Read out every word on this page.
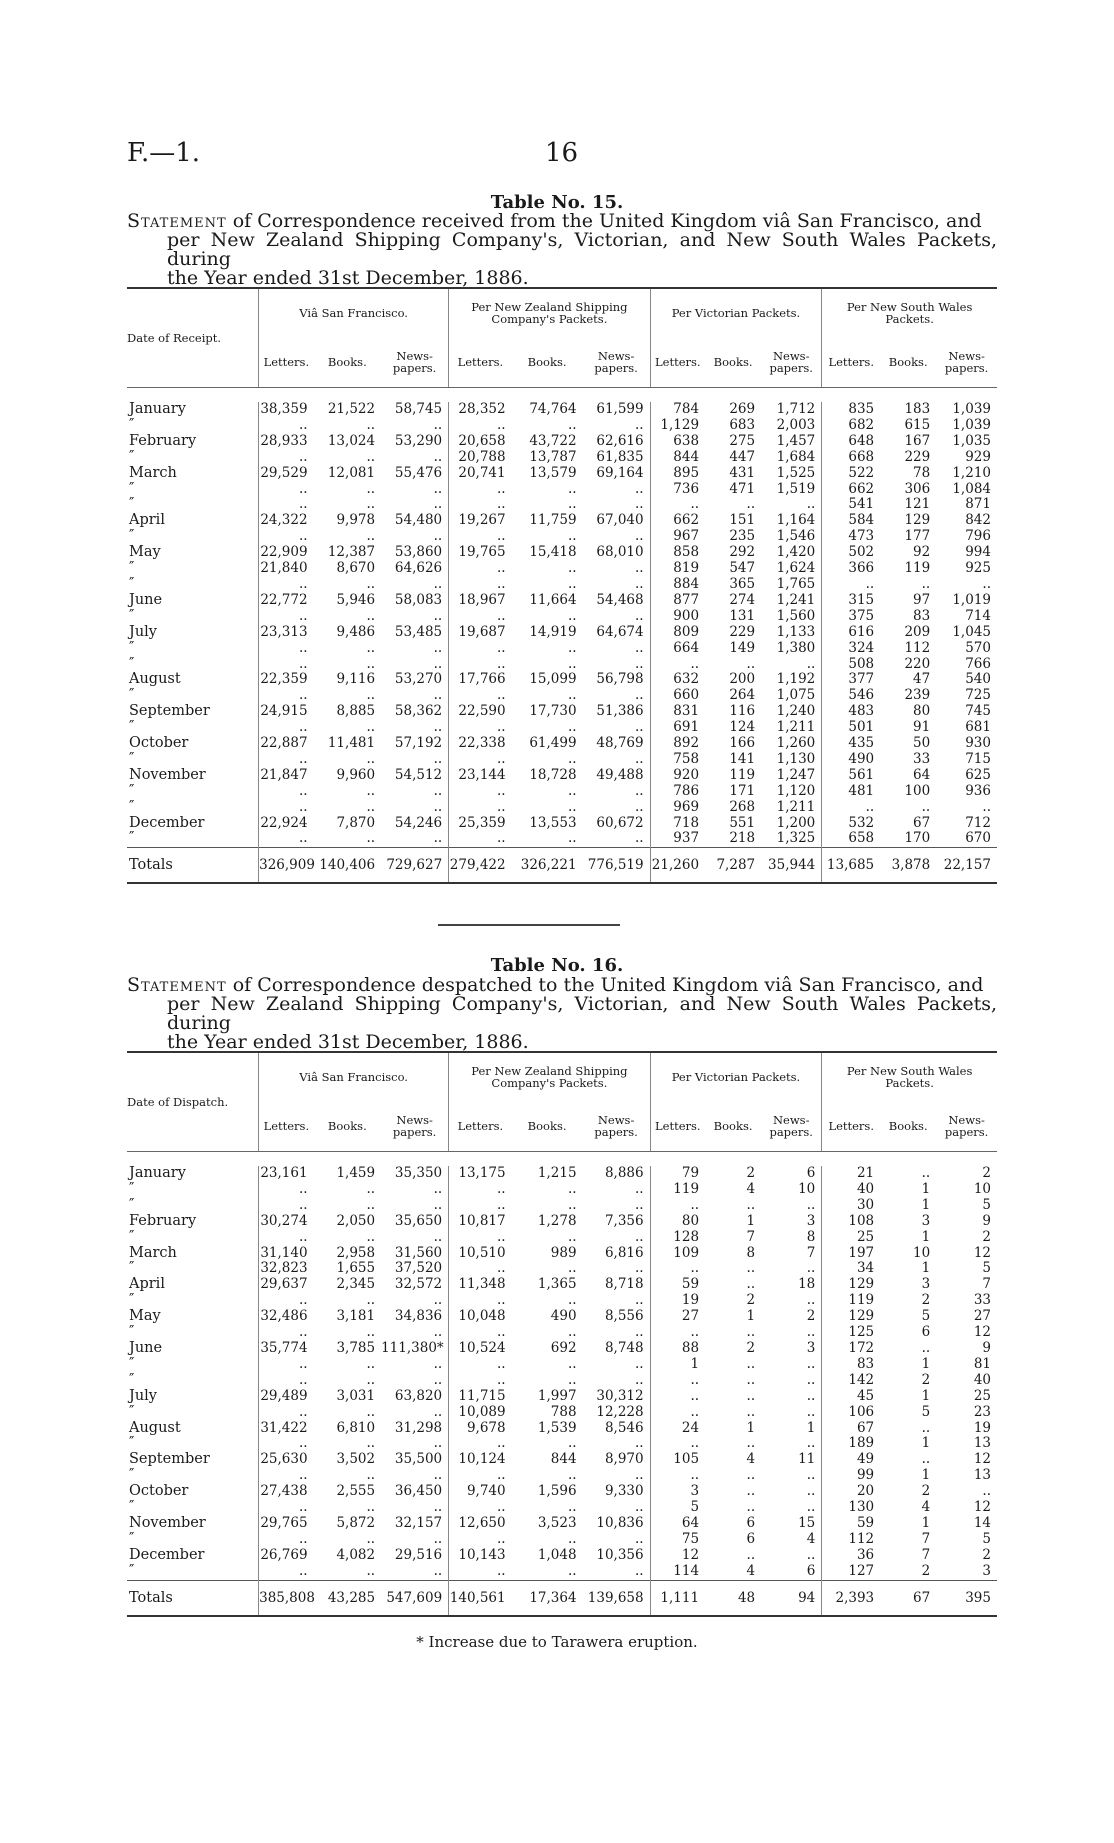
F.—1.	16
Table No. 15.
Statement of Correspondence received from the United Kingdom viâ San Francisco, and
per New Zealand Shipping Company's, Victorian, and New South Wales Packets, during
the Year ended 31st December, 1886.
Date of Receipt.	Viâ San Francisco.			Per New Zealand Shipping Company's Packets.			Per Victorian Packets.			Per New South Wales Packets.		
	Letters.	Books.	News-papers.	Letters.	Books.	News-papers.	Letters.	Books.	News-papers.	Letters.	Books.	News-papers.

January	38,359	21,522	58,745	28,352	74,764	61,599	784	269	1,712	835	183	1,039
″	..	..	..	..	..	..	1,129	683	2,003	682	615	1,039
February	28,933	13,024	53,290	20,658	43,722	62,616	638	275	1,457	648	167	1,035
″	..	..	..	20,788	13,787	61,835	844	447	1,684	668	229	929
March	29,529	12,081	55,476	20,741	13,579	69,164	895	431	1,525	522	78	1,210
″	..	..	..	..	..	..	736	471	1,519	662	306	1,084
″	..	..	..	..	..	..	..	..	..	541	121	871
April	24,322	9,978	54,480	19,267	11,759	67,040	662	151	1,164	584	129	842
″	..	..	..	..	..	..	967	235	1,546	473	177	796
May	22,909	12,387	53,860	19,765	15,418	68,010	858	292	1,420	502	92	994
″	21,840	8,670	64,626	..	..	..	819	547	1,624	366	119	925
″	..	..	..	..	..	..	884	365	1,765	..	..	..
June	22,772	5,946	58,083	18,967	11,664	54,468	877	274	1,241	315	97	1,019
″	..	..	..	..	..	..	900	131	1,560	375	83	714
July	23,313	9,486	53,485	19,687	14,919	64,674	809	229	1,133	616	209	1,045
″	..	..	..	..	..	..	664	149	1,380	324	112	570
″	..	..	..	..	..	..	..	..	..	508	220	766
August	22,359	9,116	53,270	17,766	15,099	56,798	632	200	1,192	377	47	540
″	..	..	..	..	..	..	660	264	1,075	546	239	725
September	24,915	8,885	58,362	22,590	17,730	51,386	831	116	1,240	483	80	745
″	..	..	..	..	..	..	691	124	1,211	501	91	681
October	22,887	11,481	57,192	22,338	61,499	48,769	892	166	1,260	435	50	930
″	..	..	..	..	..	..	758	141	1,130	490	33	715
November	21,847	9,960	54,512	23,144	18,728	49,488	920	119	1,247	561	64	625
″	..	..	..	..	..	..	786	171	1,120	481	100	936
″	..	..	..	..	..	..	969	268	1,211	..	..	..
December	22,924	7,870	54,246	25,359	13,553	60,672	718	551	1,200	532	67	712
″	..	..	..	..	..	..	937	218	1,325	658	170	670
Totals	326,909	140,406	729,627	279,422	326,221	776,519	21,260	7,287	35,944	13,685	3,878	22,157
Table No. 16.
Statement of Correspondence despatched to the United Kingdom viâ San Francisco, and
per New Zealand Shipping Company's, Victorian, and New South Wales Packets, during
the Year ended 31st December, 1886.
Date of Dispatch.	Viâ San Francisco.			Per New Zealand Shipping Company's Packets.			Per Victorian Packets.			Per New South Wales Packets.		
	Letters.	Books.	News-papers.	Letters.	Books.	News-papers.	Letters.	Books.	News-papers.	Letters.	Books.	News-papers.

January	23,161	1,459	35,350	13,175	1,215	8,886	79	2	6	21	..	2
″	..	..	..	..	..	..	119	4	10	40	1	10
″	..	..	..	..	..	..	..	..	..	30	1	5
February	30,274	2,050	35,650	10,817	1,278	7,356	80	1	3	108	3	9
″	..	..	..	..	..	..	128	7	8	25	1	2
March	31,140	2,958	31,560	10,510	989	6,816	109	8	7	197	10	12
″	32,823	1,655	37,520	..	..	..	..	..	..	34	1	5
April	29,637	2,345	32,572	11,348	1,365	8,718	59	..	18	129	3	7
″	..	..	..	..	..	..	19	2	..	119	2	33
May	32,486	3,181	34,836	10,048	490	8,556	27	1	2	129	5	27
″	..	..	..	..	..	..	..	..	..	125	6	12
June	35,774	3,785	111,380*	10,524	692	8,748	88	2	3	172	..	9
″	..	..	..	..	..	..	1	..	..	83	1	81
″	..	..	..	..	..	..	..	..	..	142	2	40
July	29,489	3,031	63,820	11,715	1,997	30,312	..	..	..	45	1	25
″	..	..	..	10,089	788	12,228	..	..	..	106	5	23
August	31,422	6,810	31,298	9,678	1,539	8,546	24	1	1	67	..	19
″	..	..	..	..	..	..	..	..	..	189	1	13
September	25,630	3,502	35,500	10,124	844	8,970	105	4	11	49	..	12
″	..	..	..	..	..	..	..	..	..	99	1	13
October	27,438	2,555	36,450	9,740	1,596	9,330	3	..	..	20	2	..
″	..	..	..	..	..	..	5	..	..	130	4	12
November	29,765	5,872	32,157	12,650	3,523	10,836	64	6	15	59	1	14
″	..	..	..	..	..	..	75	6	4	112	7	5
December	26,769	4,082	29,516	10,143	1,048	10,356	12	..	..	36	7	2
″	..	..	..	..	..	..	114	4	6	127	2	3
Totals	385,808	43,285	547,609	140,561	17,364	139,658	1,111	48	94	2,393	67	395
* Increase due to Tarawera eruption.
